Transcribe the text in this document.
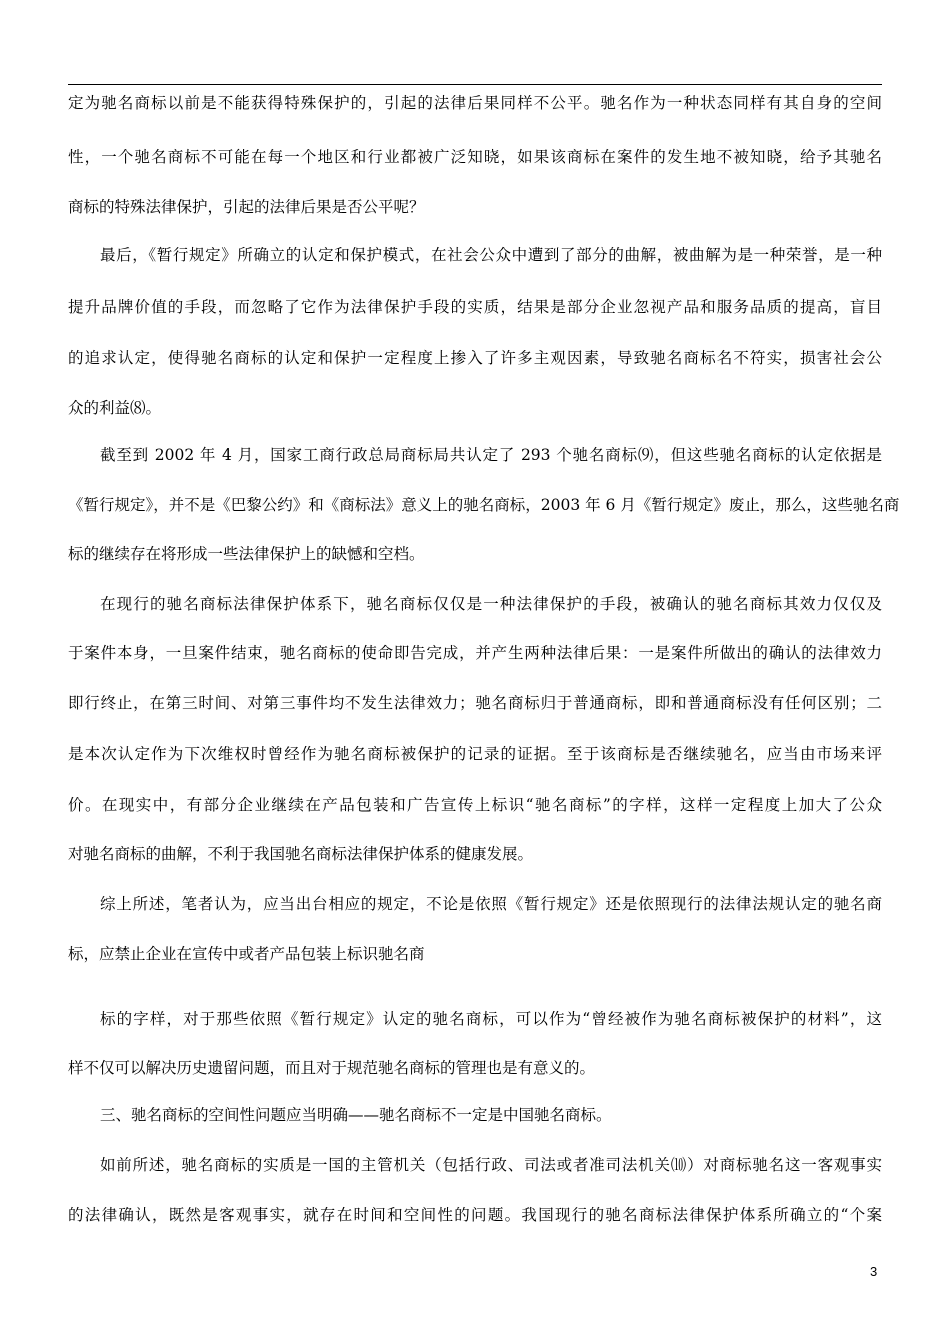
定为驰名商标以前是不能获得特殊保护的，引起的法律后果同样不公平。驰名作为一种状态同样有其自身的空间
性，一个驰名商标不可能在每一个地区和行业都被广泛知晓，如果该商标在案件的发生地不被知晓，给予其驰名
商标的特殊法律保护，引起的法律后果是否公平呢？
最后，《暂行规定》所确立的认定和保护模式，在社会公众中遭到了部分的曲解，被曲解为是一种荣誉，是一种
提升品牌价值的手段，而忽略了它作为法律保护手段的实质，结果是部分企业忽视产品和服务品质的提高，盲目
的追求认定，使得驰名商标的认定和保护一定程度上掺入了许多主观因素，导致驰名商标名不符实，损害社会公
众的利益⑻。
截至到 2002 年 4 月，国家工商行政总局商标局共认定了 293 个驰名商标⑼，但这些驰名商标的认定依据是
《暂行规定》，并不是《巴黎公约》和《商标法》意义上的驰名商标，2003 年 6 月《暂行规定》废止，那么，这些驰名商
标的继续存在将形成一些法律保护上的缺憾和空档。
在现行的驰名商标法律保护体系下，驰名商标仅仅是一种法律保护的手段，被确认的驰名商标其效力仅仅及
于案件本身，一旦案件结束，驰名商标的使命即告完成，并产生两种法律后果：一是案件所做出的确认的法律效力
即行终止，在第三时间、对第三事件均不发生法律效力；驰名商标归于普通商标，即和普通商标没有任何区别；二
是本次认定作为下次维权时曾经作为驰名商标被保护的记录的证据。至于该商标是否继续驰名，应当由市场来评
价。在现实中，有部分企业继续在产品包装和广告宣传上标识“驰名商标”的字样，这样一定程度上加大了公众
对驰名商标的曲解，不利于我国驰名商标法律保护体系的健康发展。
综上所述，笔者认为，应当出台相应的规定，不论是依照《暂行规定》还是依照现行的法律法规认定的驰名商
标，应禁止企业在宣传中或者产品包装上标识驰名商
标的字样，对于那些依照《暂行规定》认定的驰名商标，可以作为“曾经被作为驰名商标被保护的材料”，这
样不仅可以解决历史遗留问题，而且对于规范驰名商标的管理也是有意义的。
三、驰名商标的空间性问题应当明确——驰名商标不一定是中国驰名商标。
如前所述，驰名商标的实质是一国的主管机关（包括行政、司法或者准司法机关⑽）对商标驰名这一客观事实
的法律确认，既然是客观事实，就存在时间和空间性的问题。我国现行的驰名商标法律保护体系所确立的“个案
3
